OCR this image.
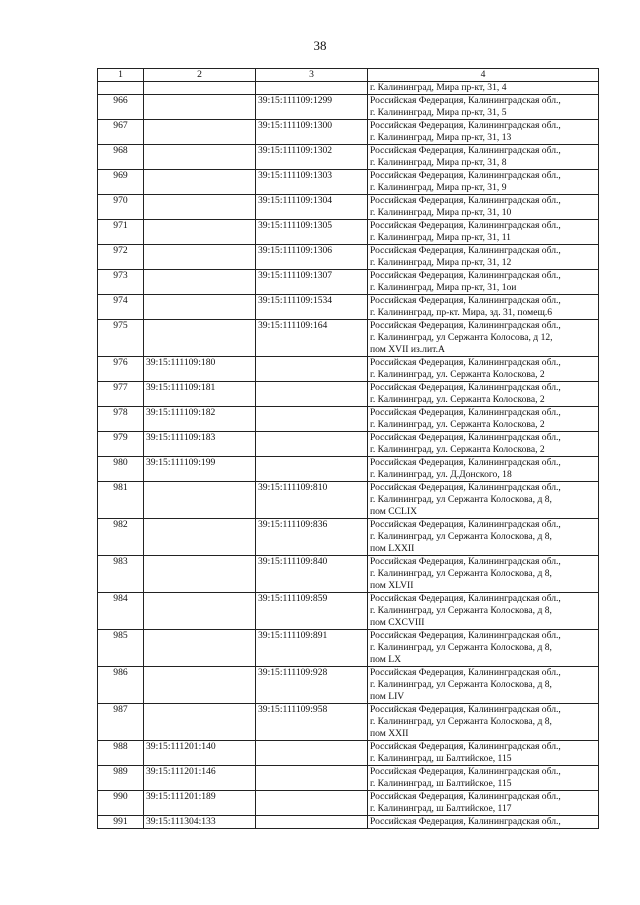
38
1	2	3	4

			г. Калининград, Мира пр-кт, 31, 4

966		39:15:111109:1299	Российская Федерация, Калининградская обл.,
г. Калининград, Мира пр-кт, 31, 5

967		39:15:111109:1300	Российская Федерация, Калининградская обл.,
г. Калининград, Мира пр-кт, 31, 13

968		39:15:111109:1302	Российская Федерация, Калининградская обл.,
г. Калининград, Мира пр-кт, 31, 8

969		39:15:111109:1303	Российская Федерация, Калининградская обл.,
г. Калининград, Мира пр-кт, 31, 9

970		39:15:111109:1304	Российская Федерация, Калининградская обл.,
г. Калининград, Мира пр-кт, 31, 10

971		39:15:111109:1305	Российская Федерация, Калининградская обл.,
г. Калининград, Мира пр-кт, 31, 11

972		39:15:111109:1306	Российская Федерация, Калининградская обл.,
г. Калининград, Мира пр-кт, 31, 12

973		39:15:111109:1307	Российская Федерация, Калининградская обл.,
г. Калининград, Мира пр-кт, 31, 1ои

974		39:15:111109:1534	Российская Федерация, Калининградская обл.,
г. Калининград, пр-кт. Мира, зд. 31, помещ.6

975		39:15:111109:164	Российская Федерация, Калининградская обл.,
г. Калининград, ул Сержанта Колосова, д 12,
пом XVII из.лит.А

976	39:15:111109:180		Российская Федерация, Калининградская обл.,
г. Калининград, ул. Сержанта Колоскова, 2

977	39:15:111109:181		Российская Федерация, Калининградская обл.,
г. Калининград, ул. Сержанта Колоскова, 2

978	39:15:111109:182		Российская Федерация, Калининградская обл.,
г. Калининград, ул. Сержанта Колоскова, 2

979	39:15:111109:183		Российская Федерация, Калининградская обл.,
г. Калининград, ул. Сержанта Колоскова, 2

980	39:15:111109:199		Российская Федерация, Калининградская обл.,
г. Калининград, ул. Д.Донского, 18

981		39:15:111109:810	Российская Федерация, Калининградская обл.,
г. Калининград, ул Сержанта Колоскова, д 8,
пом CCLIX

982		39:15:111109:836	Российская Федерация, Калининградская обл.,
г. Калининград, ул Сержанта Колоскова, д 8,
пом LXXII

983		39:15:111109:840	Российская Федерация, Калининградская обл.,
г. Калининград, ул Сержанта Колоскова, д 8,
пом XLVII

984		39:15:111109:859	Российская Федерация, Калининградская обл.,
г. Калининград, ул Сержанта Колоскова, д 8,
пом CXCVIII

985		39:15:111109:891	Российская Федерация, Калининградская обл.,
г. Калининград, ул Сержанта Колоскова, д 8,
пом LX

986		39:15:111109:928	Российская Федерация, Калининградская обл.,
г. Калининград, ул Сержанта Колоскова, д 8,
пом LIV

987		39:15:111109:958	Российская Федерация, Калининградская обл.,
г. Калининград, ул Сержанта Колоскова, д 8,
пом XXII

988	39:15:111201:140		Российская Федерация, Калининградская обл.,
г. Калининград, ш Балтийское, 115

989	39:15:111201:146		Российская Федерация, Калининградская обл.,
г. Калининград, ш Балтийское, 115

990	39:15:111201:189		Российская Федерация, Калининградская обл.,
г. Калининград, ш Балтийское, 117

991	39:15:111304:133		Российская Федерация, Калининградская обл.,
